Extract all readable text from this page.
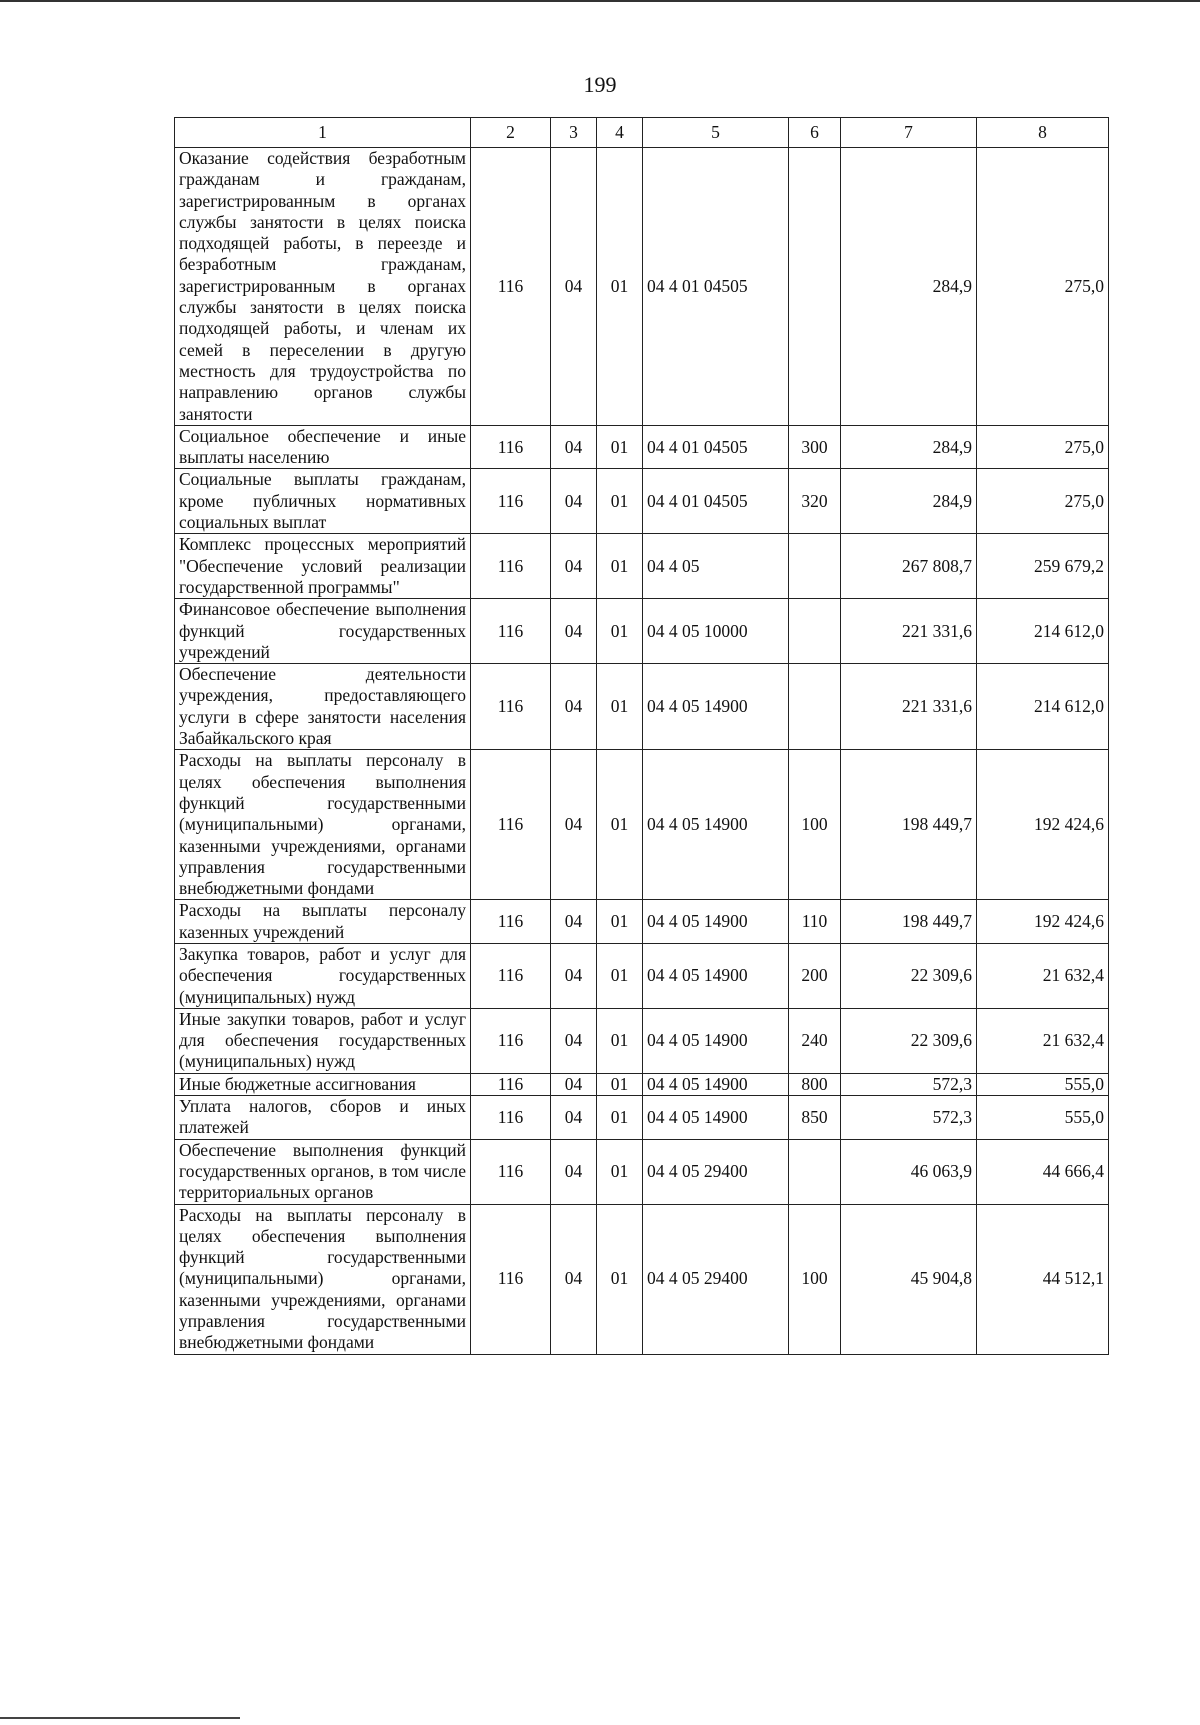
199
1	2	3	4	5	6	7	8
Оказание содействия безработным гражданам и гражданам, зарегистрированным в органах службы занятости в целях поиска подходящей работы, в переезде и безработным гражданам, зарегистрированным в органах службы занятости в целях поиска подходящей работы, и членам их семей в переселении в другую местность для трудоустройства по направлению органов службы занятости	116	04	01	04 4 01 04505		284,9	275,0
Социальное обеспечение и иные выплаты населению	116	04	01	04 4 01 04505	300	284,9	275,0
Социальные выплаты гражданам, кроме публичных нормативных социальных выплат	116	04	01	04 4 01 04505	320	284,9	275,0
Комплекс процессных мероприятий "Обеспечение условий реализации государственной программы"	116	04	01	04 4 05		267 808,7	259 679,2
Финансовое обеспечение выполнения функций государственных учреждений	116	04	01	04 4 05 10000		221 331,6	214 612,0
Обеспечение деятельности учреждения, предоставляющего услуги в сфере занятости населения Забайкальского края	116	04	01	04 4 05 14900		221 331,6	214 612,0
Расходы на выплаты персоналу в целях обеспечения выполнения функций государственными (муниципальными) органами, казенными учреждениями, органами управления государственными внебюджетными фондами	116	04	01	04 4 05 14900	100	198 449,7	192 424,6
Расходы на выплаты персоналу казенных учреждений	116	04	01	04 4 05 14900	110	198 449,7	192 424,6
Закупка товаров, работ и услуг для обеспечения государственных (муниципальных) нужд	116	04	01	04 4 05 14900	200	22 309,6	21 632,4
Иные закупки товаров, работ и услуг для обеспечения государственных (муниципальных) нужд	116	04	01	04 4 05 14900	240	22 309,6	21 632,4
Иные бюджетные ассигнования	116	04	01	04 4 05 14900	800	572,3	555,0
Уплата налогов, сборов и иных платежей	116	04	01	04 4 05 14900	850	572,3	555,0
Обеспечение выполнения функций государственных органов, в том числе территориальных органов	116	04	01	04 4 05 29400		46 063,9	44 666,4
Расходы на выплаты персоналу в целях обеспечения выполнения функций государственными (муниципальными) органами, казенными учреждениями, органами управления государственными внебюджетными фондами	116	04	01	04 4 05 29400	100	45 904,8	44 512,1
